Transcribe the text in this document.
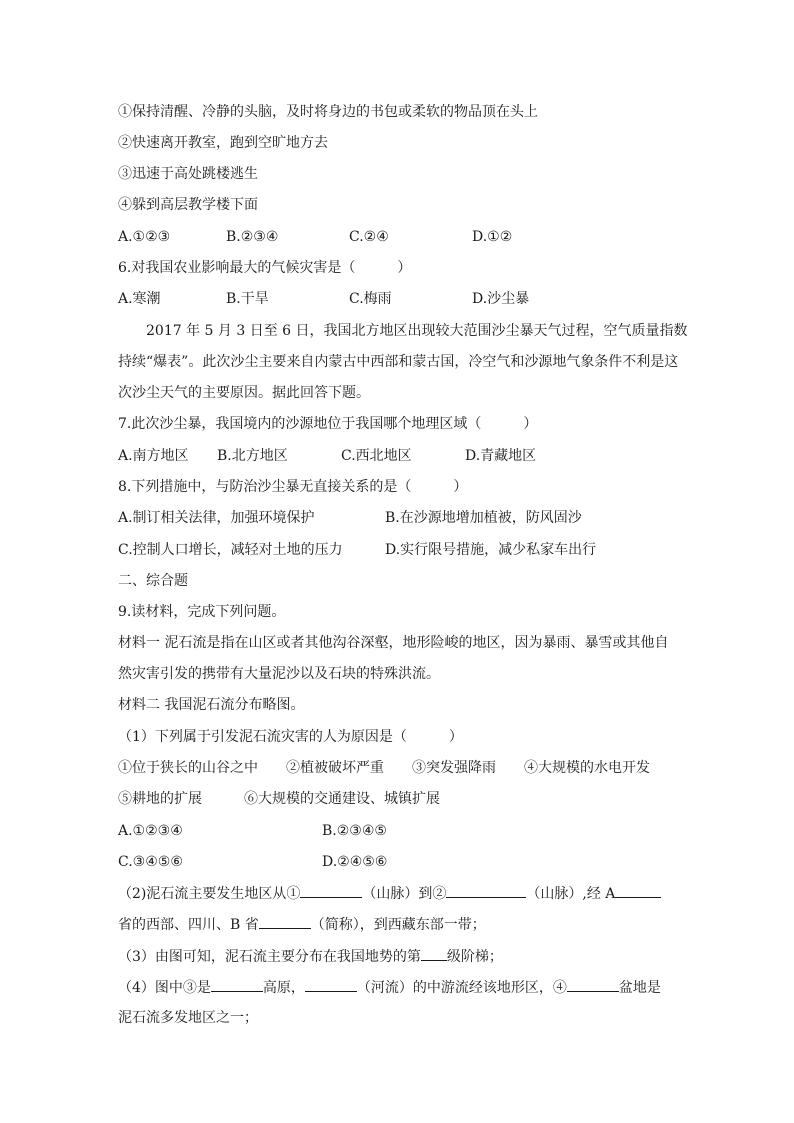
①保持清醒、冷静的头脑，及时将身边的书包或柔软的物品顶在头上
②快速离开教室，跑到空旷地方去
③迅速于高处跳楼逃生
④躲到高层教学楼下面
A.①②③	B.②③④	C.②④	D.①②
6.对我国农业影响最大的气候灾害是（　　　）
A.寒潮	B.干旱	C.梅雨	D.沙尘暴
2017 年 5 月 3 日至 6 日，我国北方地区出现较大范围沙尘暴天气过程，空气质量指数
持续“爆表”。此次沙尘主要来自内蒙古中西部和蒙古国，冷空气和沙源地气象条件不利是这
次沙尘天气的主要原因。据此回答下题。
7.此次沙尘暴，我国境内的沙源地位于我国哪个地理区域（　　　）
A.南方地区 B.北方地区	C.西北地区	D.青藏地区
8.下列措施中，与防治沙尘暴无直接关系的是（　　　）
A.制订相关法律，加强环境保护	B.在沙源地增加植被，防风固沙
C.控制人口增长，减轻对土地的压力	D.实行限号措施，减少私家车出行
二、综合题
9.读材料，完成下列问题。
材料一 泥石流是指在山区或者其他沟谷深壑，地形险峻的地区，因为暴雨、暴雪或其他自
然灾害引发的携带有大量泥沙以及石块的特殊洪流。
材料二 我国泥石流分布略图。
（1）下列属于引发泥石流灾害的人为原因是（　　　）
①位于狭长的山谷之中　　②植被破坏严重　　③突发强降雨　　④大规模的水电开发
⑤耕地的扩展　　　⑥大规模的交通建设、城镇扩展
A.①②③④	B.②③④⑤
C.③④⑤⑥	D.②④⑤⑥
（2)泥石流主要发生地区从①	（山脉）到②	（山脉）,经 A
省的西部、四川、B 省	（简称），到西藏东部一带；
（3）由图可知，泥石流主要分布在我国地势的第 级阶梯；
（4）图中③是	高原，	（河流）的中游流经该地形区，④	盆地是
泥石流多发地区之一；
